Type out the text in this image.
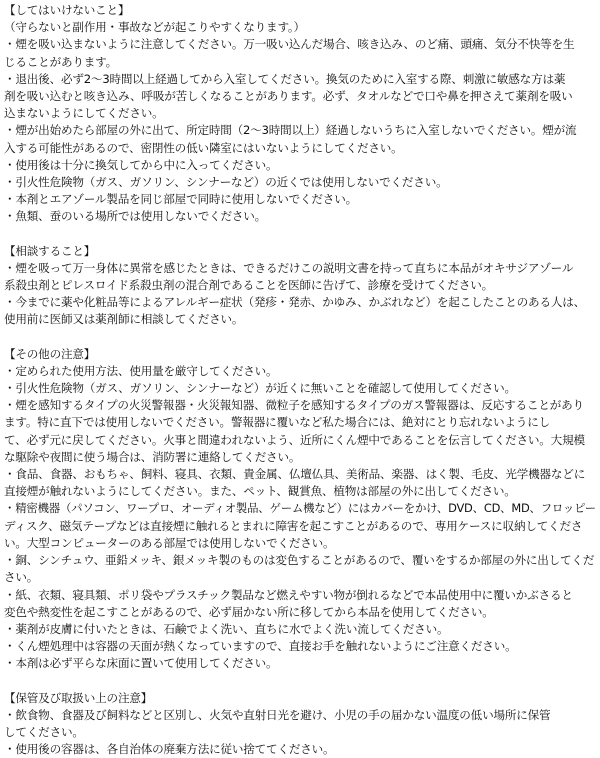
【してはいけないこと】
（守らないと副作用・事故などが起こりやすくなります。）
・煙を吸い込まないように注意してください。万一吸い込んだ場合、咳き込み、のど痛、頭痛、気分不快等を生
じることがあります。
・退出後、必ず2〜3時間以上経過してから入室してください。換気のために入室する際、刺激に敏感な方は薬
剤を吸い込むと咳き込み、呼吸が苦しくなることがあります。必ず、タオルなどで口や鼻を押さえて薬剤を吸い
込まないようにしてください。
・煙が出始めたら部屋の外に出て、所定時間（2〜3時間以上）経過しないうちに入室しないでください。煙が流
入する可能性があるので、密閉性の低い隣室にはいないようにしてください。
・使用後は十分に換気してから中に入ってください。
・引火性危険物（ガス、ガソリン、シンナーなど）の近くでは使用しないでください。
・本剤とエアゾール製品を同じ部屋で同時に使用しないでください。
・魚類、蚕のいる場所では使用しないでください。
【相談すること】
・煙を吸って万一身体に異常を感じたときは、できるだけこの説明文書を持って直ちに本品がオキサジアゾール
系殺虫剤とピレスロイド系殺虫剤の混合剤であることを医師に告げて、診療を受けてください。
・今までに薬や化粧品等によるアレルギー症状（発疹・発赤、かゆみ、かぶれなど）を起こしたことのある人は、
使用前に医師又は薬剤師に相談してください。
【その他の注意】
・定められた使用方法、使用量を厳守してください。
・引火性危険物（ガス、ガソリン、シンナーなど）が近くに無いことを確認して使用してください。
・煙を感知するタイプの火災警報器・火災報知器、微粒子を感知するタイプのガス警報器は、反応することがあり
ます。特に直下では使用しないでください。警報器に覆いなど私た場合には、絶対にとり忘れないようにし
て、必ず元に戻してください。火事と間違われないよう、近所にくん煙中であることを伝言してください。大規模
な駆除や夜間に使う場合は、消防署に連絡してください。
・食品、食器、おもちゃ、飼料、寝具、衣類、貴金属、仏壇仏具、美術品、楽器、はく製、毛皮、光学機器などに
直接煙が触れないようにしてください。また、ペット、観賞魚、植物は部屋の外に出してください。
・精密機器（パソコン、ワープロ、オーディオ製品、ゲーム機など）にはカバーをかけ、DVD、CD、MD、フロッピー
ディスク、磁気テープなどは直接煙に触れるとまれに障害を起こすことがあるので、専用ケースに収納してくださ
い。大型コンピューターのある部屋では使用しないでください。
・銅、シンチュウ、亜鉛メッキ、銀メッキ製のものは変色することがあるので、覆いをするか部屋の外に出してくだ
さい。
・紙、衣類、寝具類、ポリ袋やプラスチック製品など燃えやすい物が倒れるなどで本品使用中に覆いかぶさると
変色や熱変性を起こすことがあるので、必ず届かない所に移してから本品を使用してください。
・薬剤が皮膚に付いたときは、石鹸でよく洗い、直ちに水でよく洗い流してください。
・くん煙処理中は容器の天面が熱くなっていますので、直接お手を触れないようにご注意ください。
・本剤は必ず平らな床面に置いて使用してください。
【保管及び取扱い上の注意】
・飲食物、食器及び飼料などと区別し、火気や直射日光を避け、小児の手の届かない温度の低い場所に保管
してください。
・使用後の容器は、各自治体の廃棄方法に従い捨ててください。
